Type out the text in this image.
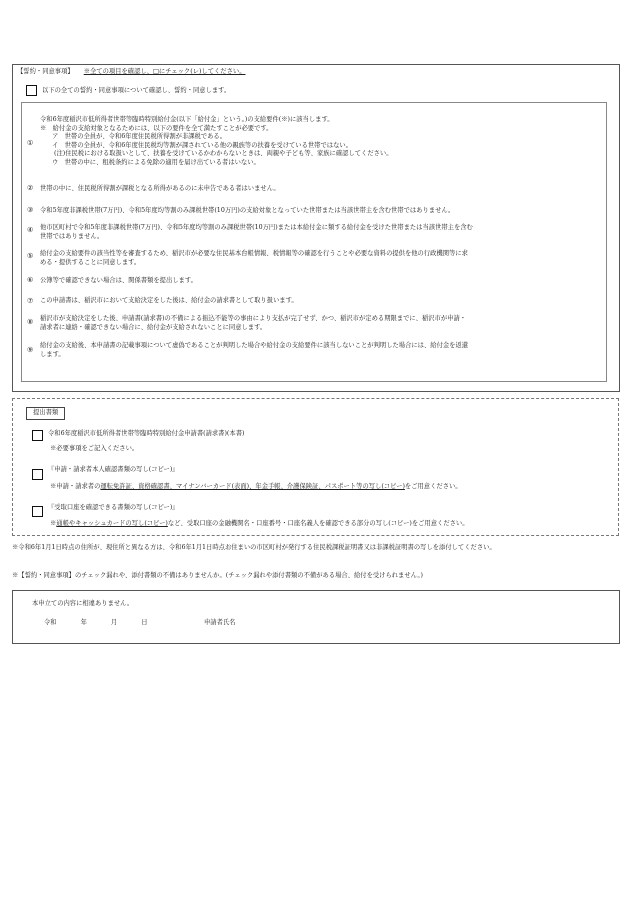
【誓約・同意事項】 ※全ての項目を確認し、□にチェック(レ)してください。
以下の全ての誓約・同意事項について確認し、誓約・同意します。
①
令和6年度稲沢市低所得者世帯等臨時特別給付金(以下「給付金」という。)の支給要件(※)に該当します。
※　給付金の支給対象となるためには、以下の要件を全て満たすことが必要です。
ア　世帯の全員が、令和6年度住民税所得割が非課税である。
イ　世帯の全員が、令和6年度住民税均等割が課されている他の親族等の扶養を受けている世帯ではない。
(注)住民税における取扱いとして、扶養を受けているかわからないときは、両親や子ども等、家族に確認してください。
ウ　世帯の中に、租税条約による免除の適用を届け出ている者はいない。
② 世帯の中に、住民税所得割が課税となる所得があるのに未申告である者はいません。
③ 令和5年度非課税世帯(7万円)、令和5年度均等割のみ課税世帯(10万円)の支給対象となっていた世帯または当該世帯主を含む世帯ではありません。
④ 他市区町村で令和5年度非課税世帯(7万円)、令和5年度均等割のみ課税世帯(10万円)または本給付金に類する給付金を受けた世帯または当該世帯主を含む
世帯ではありません。
⑤ 給付金の支給要件の該当性等を審査するため、稲沢市が必要な住民基本台帳情報、税情報等の確認を行うことや必要な資料の提供を他の行政機関等に求
める・提供することに同意します。
⑥ 公簿等で確認できない場合は、関係書類を提出します。
⑦ この申請書は、稲沢市において支給決定をした後は、給付金の請求書として取り扱います。
⑧ 稲沢市が支給決定をした後、申請書(請求書)の不備による振込不能等の事由により支払が完了せず、かつ、稲沢市が定める期限までに、稲沢市が申請・
請求者に連絡・確認できない場合に、給付金が支給されないことに同意します。
⑨
給付金の支給後、本申請書の記載事項について虚偽であることが判明した場合や給付金の支給要件に該当しないことが判明した場合には、給付金を返還
します。
提出書類
令和6年度稲沢市低所得者世帯等臨時特別給付金申請書(請求書)(本書)
※必要事項をご記入ください。
『申請・請求者本人確認書類の写し(コピー)』
※申請・請求者の運転免許証、資格確認書、マイナンバーカード(表面)、年金手帳、介護保険証、パスポート等の写し(コピー)をご用意ください。
『受取口座を確認できる書類の写し(コピー)』
※通帳やキャッシュカードの写し(コピー)など、受取口座の金融機関名・口座番号・口座名義人を確認できる部分の写し(コピー)をご用意ください。
※令和6年1月1日時点の住所が、現住所と異なる方は、令和6年1月1日時点お住まいの市区町村が発行する住民税課税証明書又は非課税証明書の写しを添付してください。
※【誓約・同意事項】のチェック漏れや、添付書類の不備はありませんか。(チェック漏れや添付書類の不備がある場合、給付を受けられません。)
本申立ての内容に相違ありません。
令和	年	月	日	申請者氏名
